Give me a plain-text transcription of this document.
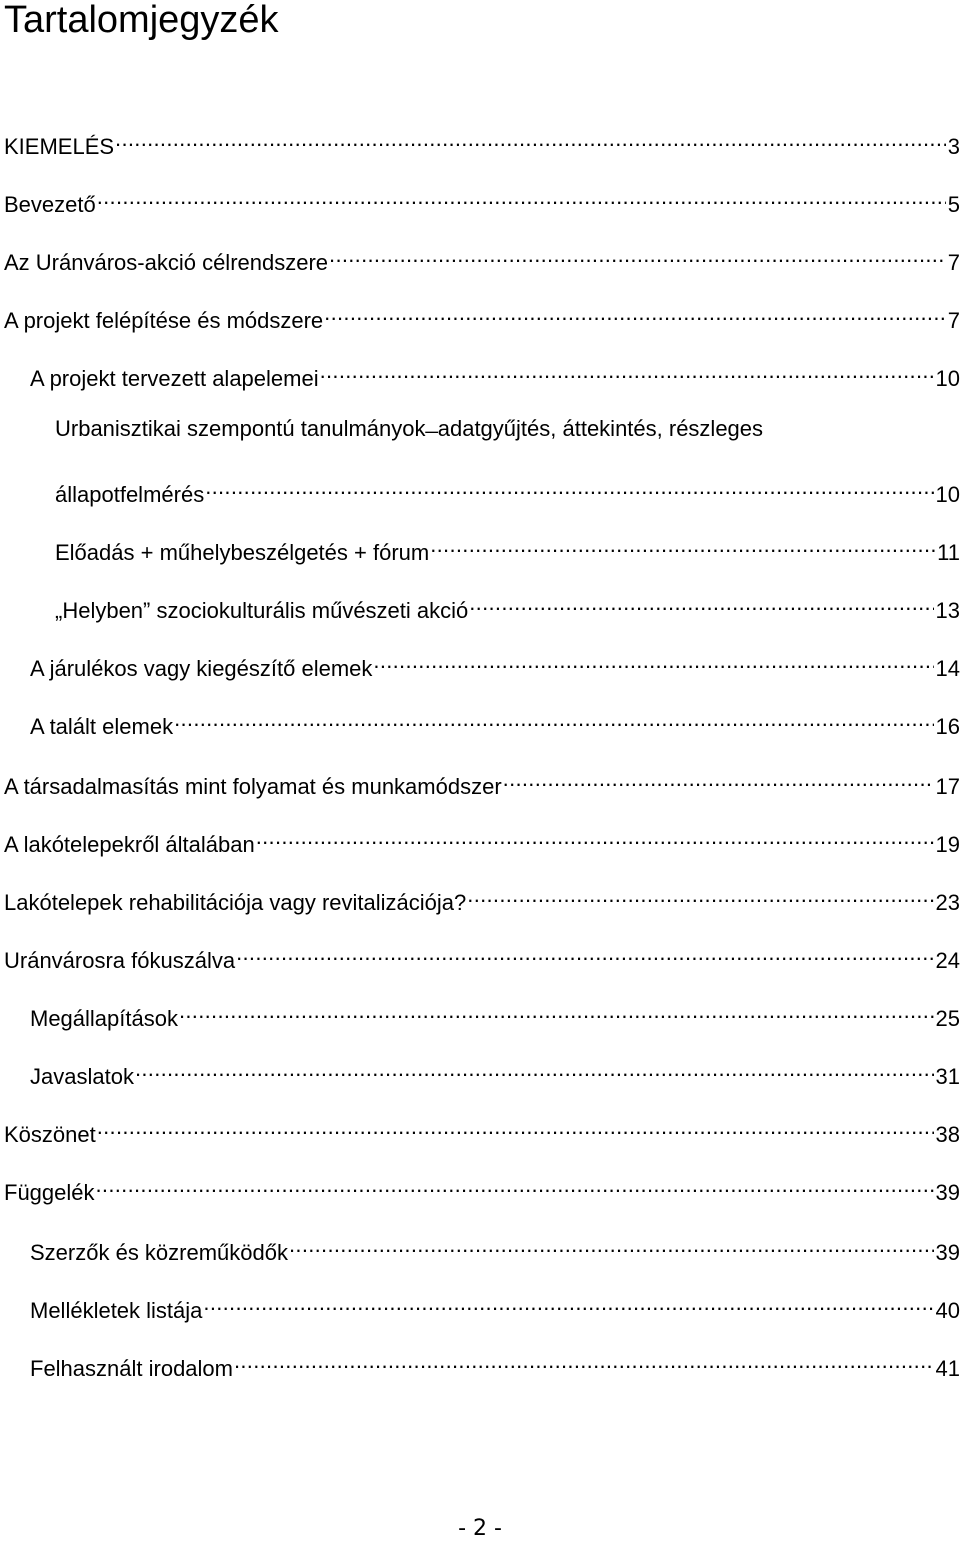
Tartalomjegyzék
KIEMELÉS .....	3
Bevezető .....	5
Az Uránváros-akció célrendszere .....	7
A projekt felépítése és módszere .....	7
A projekt tervezett alapelemei .....	10
Urbanisztikai szempontú tanulmányok ̶ adatgyűjtés, áttekintés, részleges
állapotfelmérés .....	10
Előadás + műhelybeszélgetés + fórum .....	11
„Helyben” szociokulturális művészeti akció .....	13
A járulékos vagy kiegészítő elemek .....	14
A talált elemek .....	16
A társadalmasítás mint folyamat és munkamódszer .....	17
A lakótelepekről általában .....	19
Lakótelepek rehabilitációja vagy revitalizációja? .....	23
Uránvárosra fókuszálva .....	24
Megállapítások .....	25
Javaslatok .....	31
Köszönet .....	38
Függelék .....	39
Szerzők és közreműködők .....	39
Mellékletek listája .....	40
Felhasznált irodalom .....	41
- 2 -
